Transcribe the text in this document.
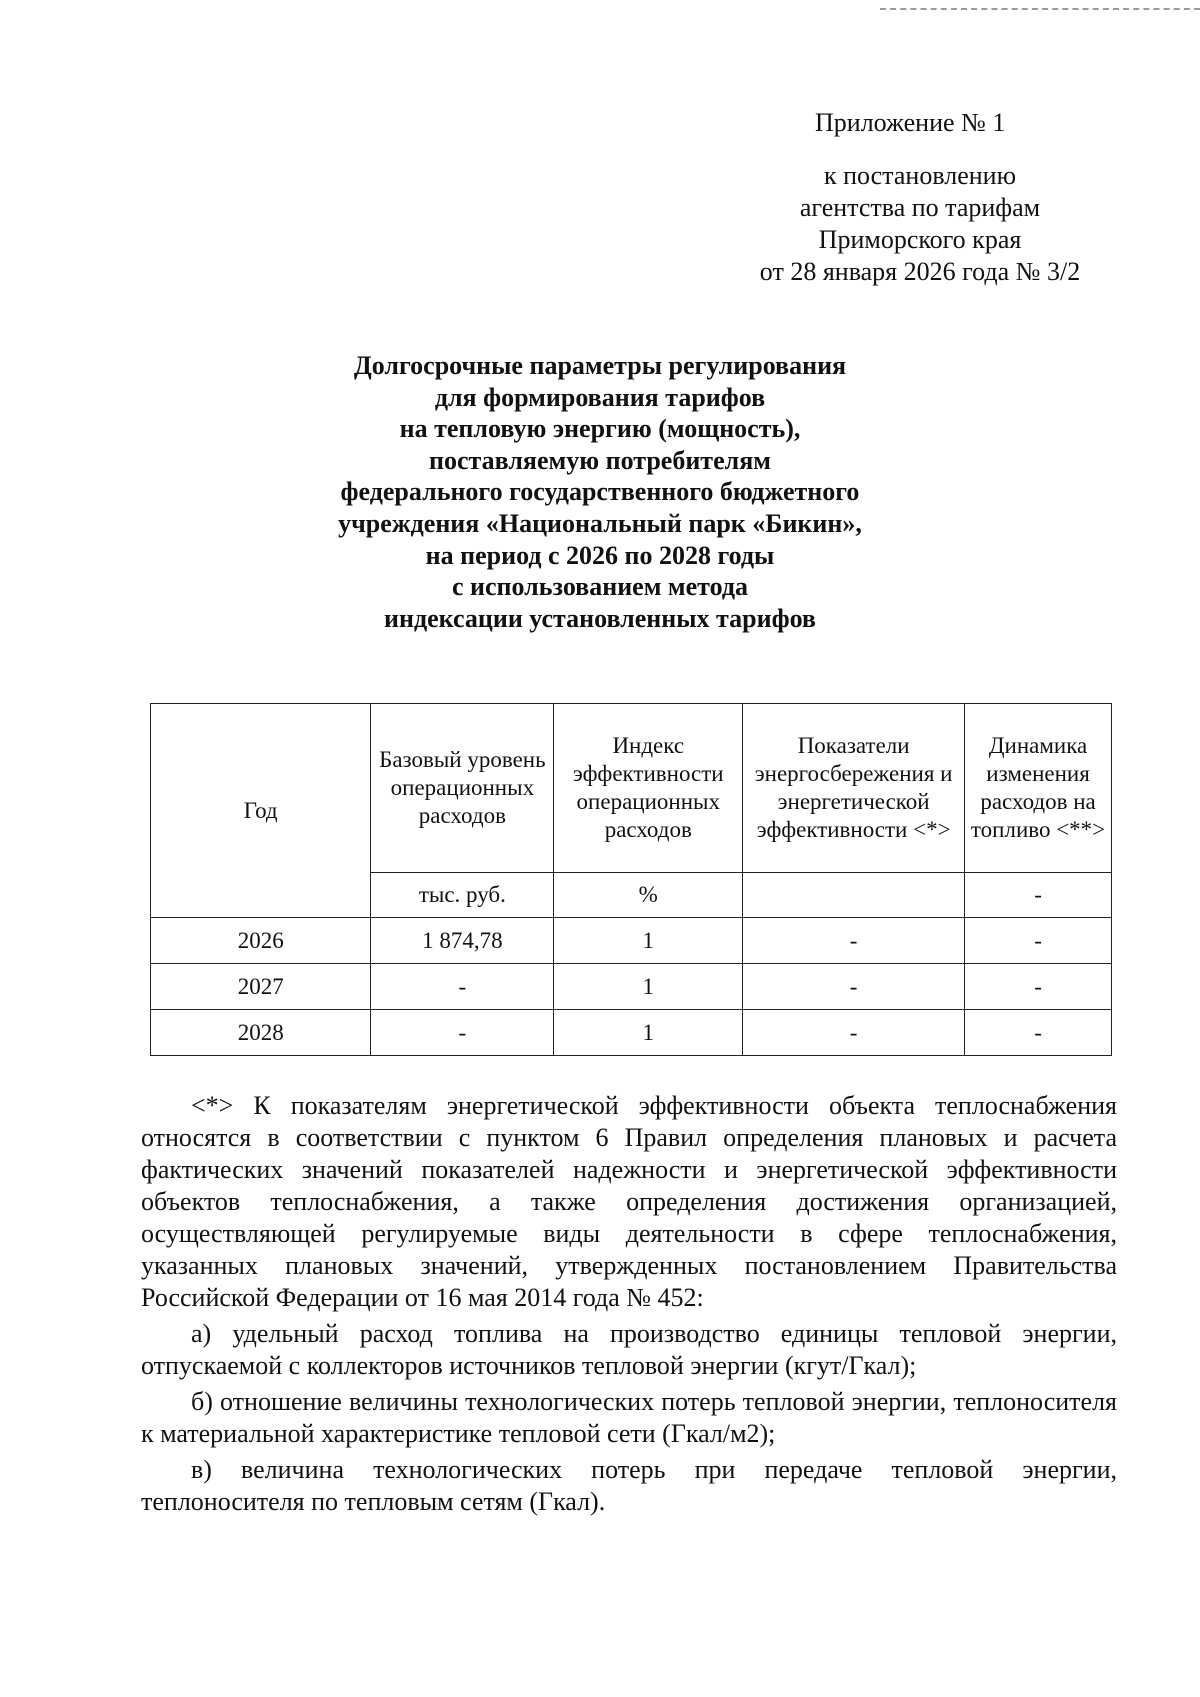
Приложение № 1
к постановлению
агентства по тарифам
Приморского края
от 28 января 2026 года № 3/2
Долгосрочные параметры регулирования
для формирования тарифов
на тепловую энергию (мощность),
поставляемую потребителям
федерального государственного бюджетного
учреждения «Национальный парк «Бикин»,
на период с 2026 по 2028 годы
с использованием метода
индексации установленных тарифов
Год	Базовый уровень операционных расходов	Индекс эффективности операционных расходов	Показатели энергосбережения и энергетической эффективности <*>	Динамика изменения расходов на топливо <**>
	тыс. руб.	%		-
2026	1 874,78	1	-	-
2027	-	1	-	-
2028	-	1	-	-

<*> К показателям энергетической эффективности объекта теплоснабжения относятся в соответствии с пунктом 6 Правил определения плановых и расчета фактических значений показателей надежности и энергетической эффективности объектов теплоснабжения, а также определения достижения организацией, осуществляющей регулируемые виды деятельности в сфере теплоснабжения, указанных плановых значений, утвержденных постановлением Правительства Российской Федерации от 16 мая 2014 года № 452:

а) удельный расход топлива на производство единицы тепловой энергии, отпускаемой с коллекторов источников тепловой энергии (кгут/Гкал);

б) отношение величины технологических потерь тепловой энергии, теплоносителя к материальной характеристике тепловой сети (Гкал/м2);

в) величина технологических потерь при передаче тепловой энергии, теплоносителя по тепловым сетям (Гкал).
